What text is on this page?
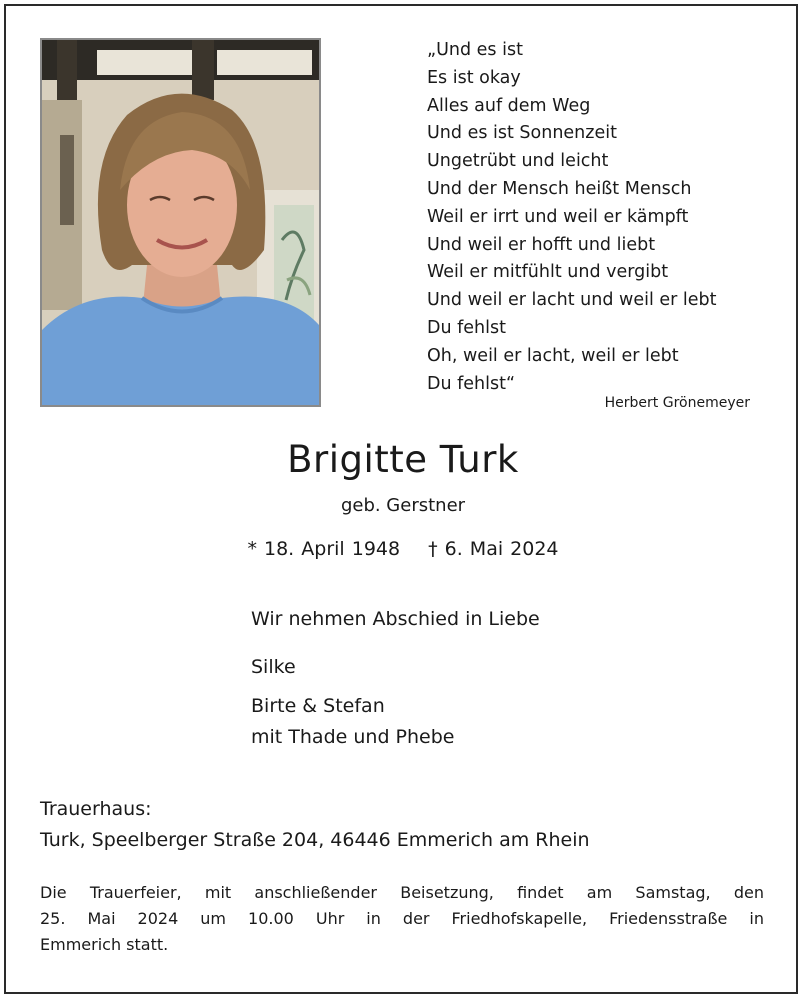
„Und es ist
Es ist okay
Alles auf dem Weg
Und es ist Sonnenzeit
Ungetrübt und leicht
Und der Mensch heißt Mensch
Weil er irrt und weil er kämpft
Und weil er hofft und liebt
Weil er mitfühlt und vergibt
Und weil er lacht und weil er lebt
Du fehlst
Oh, weil er lacht, weil er lebt
Du fehlst“
Herbert Grönemeyer
Brigitte Turk
geb. Gerstner
* 18. April 1948 † 6. Mai 2024
Wir nehmen Abschied in Liebe
Silke
Birte & Stefan
mit Thade und Phebe
Trauerhaus:
Turk, Speelberger Straße 204, 46446 Emmerich am Rhein
Die Trauerfeier, mit anschließender Beisetzung, findet am Samstag, den
25. Mai 2024 um 10.00 Uhr in der Friedhofskapelle, Friedensstraße in
Emmerich statt.
